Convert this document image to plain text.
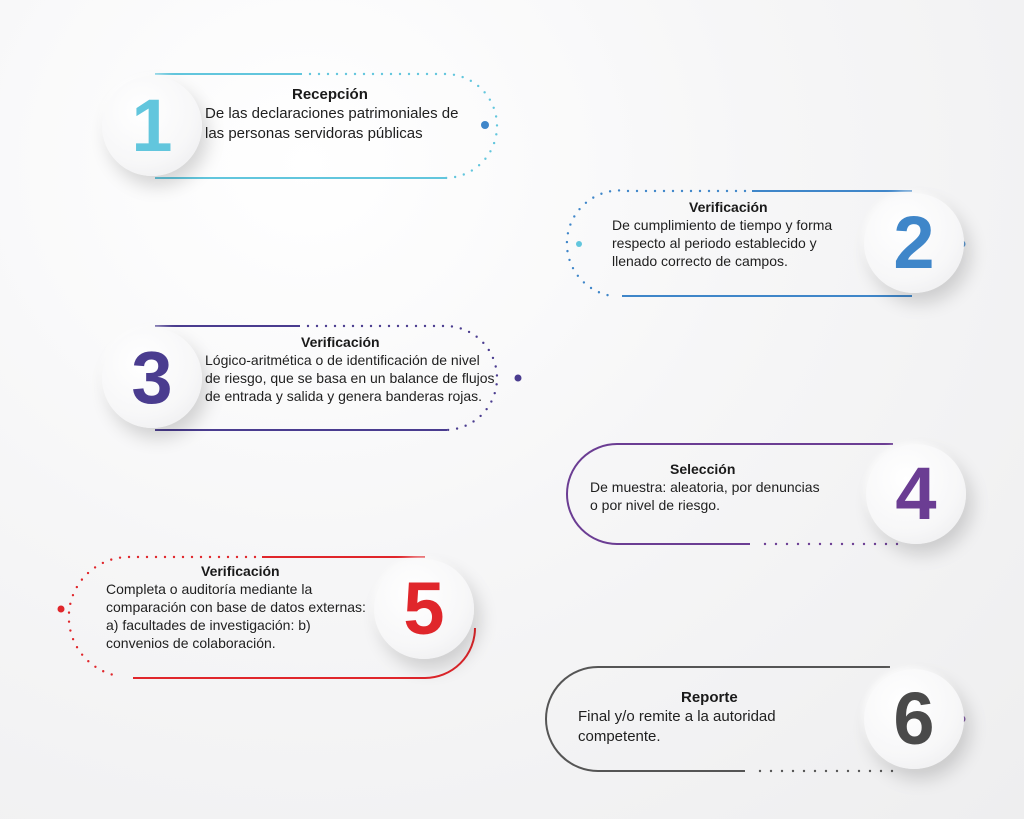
1	Recepción
De las declaraciones patrimoniales de las personas servidoras públicas
2
Verificación
De cumplimiento de tiempo y forma respecto al periodo establecido y llenado correcto de campos.
3	Verificación
Lógico-aritmética o de identificación de nivel de riesgo, que se basa en un balance de flujos de entrada y salida y genera banderas rojas.
4
Selección
De muestra: aleatoria, por denuncias o por nivel de riesgo.
5
Verificación
Completa o auditoría mediante la comparación con base de datos externas: a) facultades de investigación: b) convenios de colaboración.
6
Reporte
Final y/o remite a la autoridad competente.
